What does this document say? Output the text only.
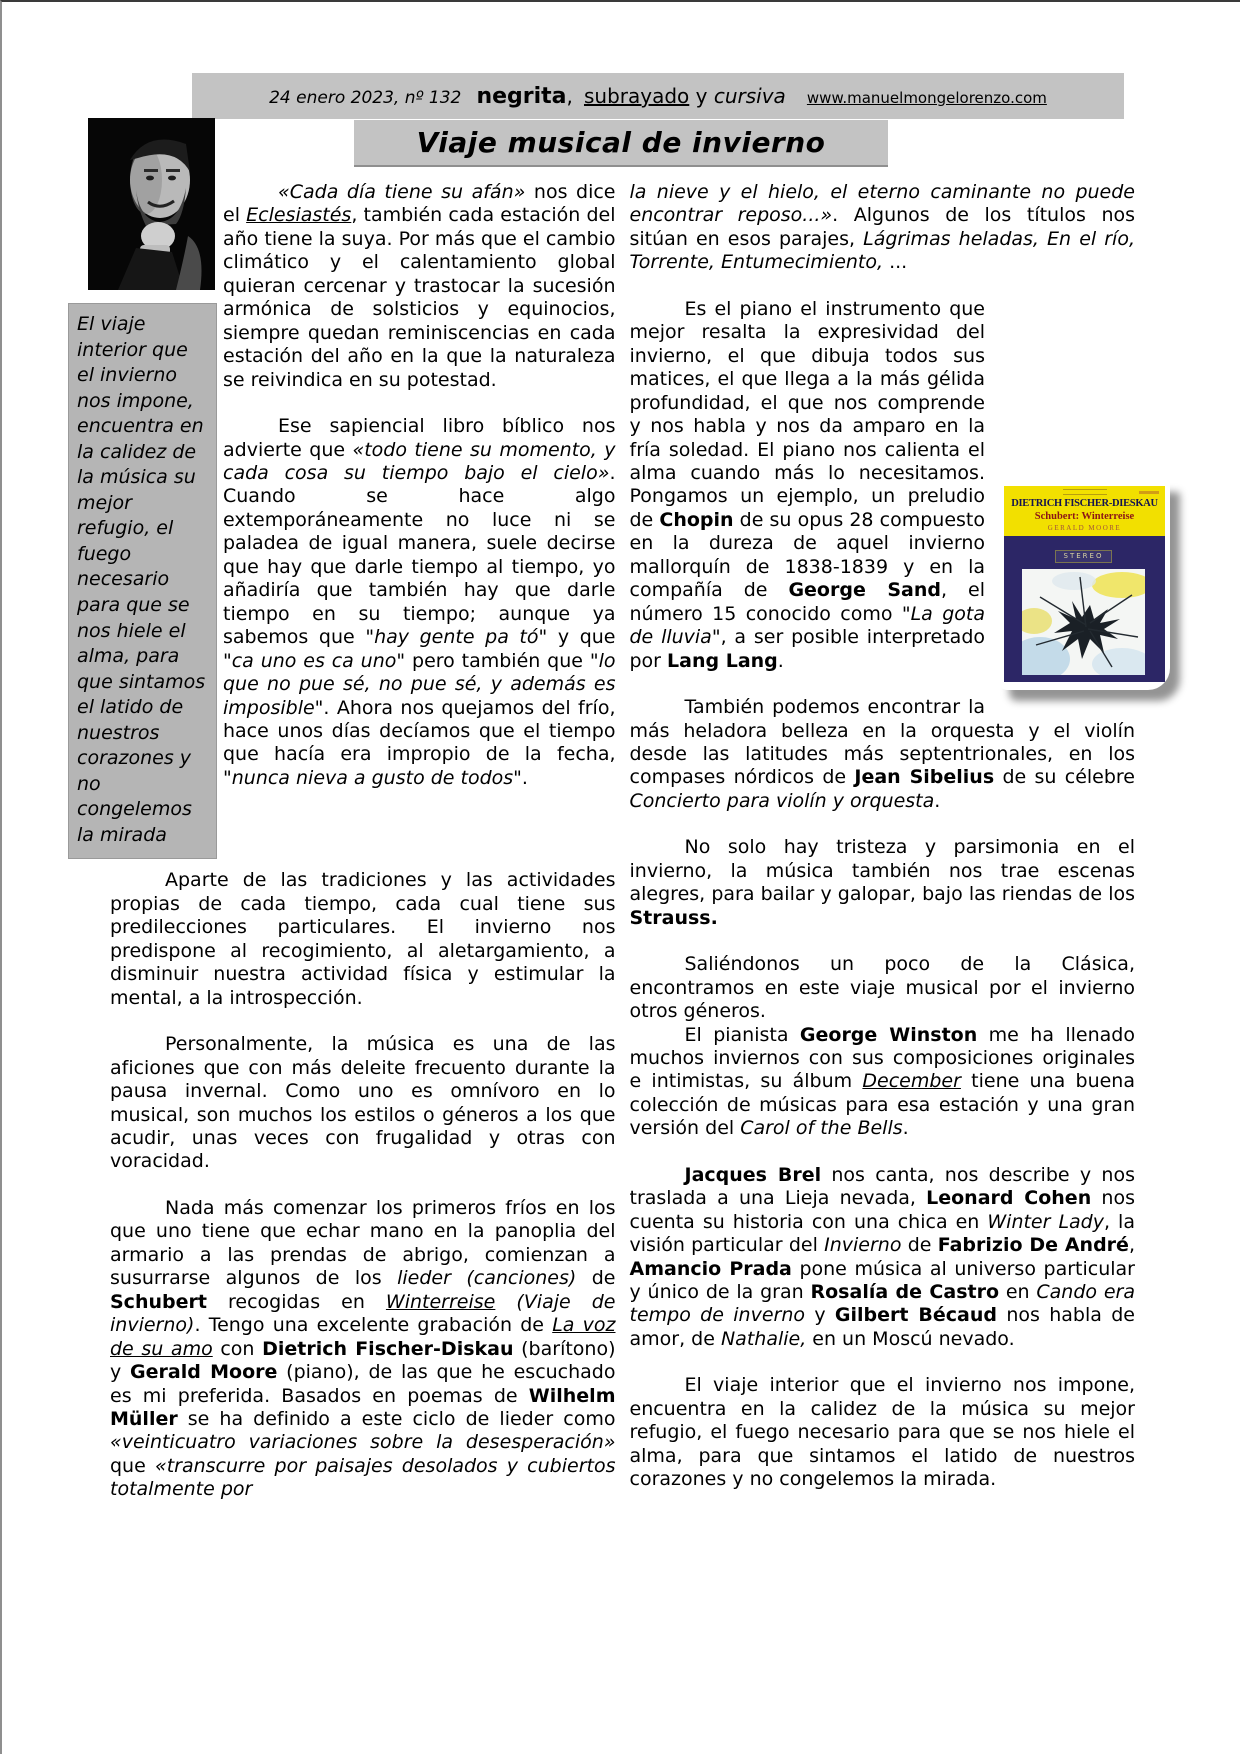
24 enero 2023, nº 132 negrita, subrayado y cursiva www.manuelmongelorenzo.com
Viaje musical de invierno
El viaje interior que el invierno nos impone, encuentra en la calidez de la música su mejor refugio, el fuego necesario para que se nos hiele el alma, para que sintamos el latido de nuestros corazones y no congelemos la mirada

«Cada día tiene su afán» nos dice el Eclesiastés, también cada estación del año tiene la suya. Por más que el cambio climático y el calentamiento global quieran cercenar y trastocar la sucesión armónica de solsticios y equinocios, siempre quedan reminiscencias en cada estación del año en la que la naturaleza se reivindica en su potestad.

Ese sapiencial libro bíblico nos advierte que «todo tiene su momento, y cada cosa su tiempo bajo el cielo». Cuando se hace algo extemporáneamente no luce ni se paladea de igual manera, suele decirse que hay que darle tiempo al tiempo, yo añadiría que también hay que darle tiempo en su tiempo; aunque ya sabemos que "hay gente pa tó" y que "ca uno es ca uno" pero también que "lo que no pue sé, no pue sé, y además es imposible". Ahora nos quejamos del frío, hace unos días decíamos que el tiempo que hacía era impropio de la fecha, "nunca nieva a gusto de todos".

Aparte de las tradiciones y las actividades propias de cada tiempo, cada cual tiene sus predilecciones particulares. El invierno nos predispone al recogimiento, al aletargamiento, a disminuir nuestra actividad física y estimular la mental, a la introspección.

Personalmente, la música es una de las aficiones que con más deleite frecuento durante la pausa invernal. Como uno es omnívoro en lo musical, son muchos los estilos o géneros a los que acudir, unas veces con frugalidad y otras con voracidad.

Nada más comenzar los primeros fríos en los que uno tiene que echar mano en la panoplia del armario a las prendas de abrigo, comienzan a susurrarse algunos de los lieder (canciones) de Schubert recogidas en Winterreise (Viaje de invierno). Tengo una excelente grabación de La voz de su amo con Dietrich Fischer-Diskau (barítono) y Gerald Moore (piano), de las que he escuchado es mi preferida. Basados en poemas de Wilhelm Müller se ha definido a este ciclo de lieder como «veinticuatro variaciones sobre la desesperación» que «transcurre por paisajes desolados y cubiertos totalmente por

la nieve y el hielo, el eterno caminante no puede encontrar reposo...». Algunos de los títulos nos sitúan en esos parajes, Lágrimas heladas, En el río, Torrente, Entumecimiento, ...

DIETRICH FISCHER-DIESKAU
Schubert: Winterreise
GERALD MOORE
STEREO
Es el piano el instrumento que mejor resalta la expresividad del invierno, el que dibuja todos sus matices, el que llega a la más gélida profundidad, el que nos comprende y nos habla y nos da amparo en la fría soledad. El piano nos calienta el alma cuando más lo necesitamos. Pongamos un ejemplo, un preludio de Chopin de su opus 28 compuesto en la dureza de aquel invierno mallorquín de 1838-1839 y en la compañía de George Sand, el número 15 conocido como "La gota de lluvia", a ser posible interpretado por Lang Lang.

También podemos encontrar la más heladora belleza en la orquesta y el violín desde las latitudes más septentrionales, en los compases nórdicos de Jean Sibelius de su célebre Concierto para violín y orquesta.

No solo hay tristeza y parsimonia en el invierno, la música también nos trae escenas alegres, para bailar y galopar, bajo las riendas de los Strauss.

Saliéndonos un poco de la Clásica, encontramos en este viaje musical por el invierno otros géneros.

El pianista George Winston me ha llenado muchos inviernos con sus composiciones originales e intimistas, su álbum December tiene una buena colección de músicas para esa estación y una gran versión del Carol of the Bells.

Jacques Brel nos canta, nos describe y nos traslada a una Lieja nevada, Leonard Cohen nos cuenta su historia con una chica en Winter Lady, la visión particular del Invierno de Fabrizio De André, Amancio Prada pone música al universo particular y único de la gran Rosalía de Castro en Cando era tempo de inverno y Gilbert Bécaud nos habla de amor, de Nathalie, en un Moscú nevado.

El viaje interior que el invierno nos impone, encuentra en la calidez de la música su mejor refugio, el fuego necesario para que se nos hiele el alma, para que sintamos el latido de nuestros corazones y no congelemos la mirada.
